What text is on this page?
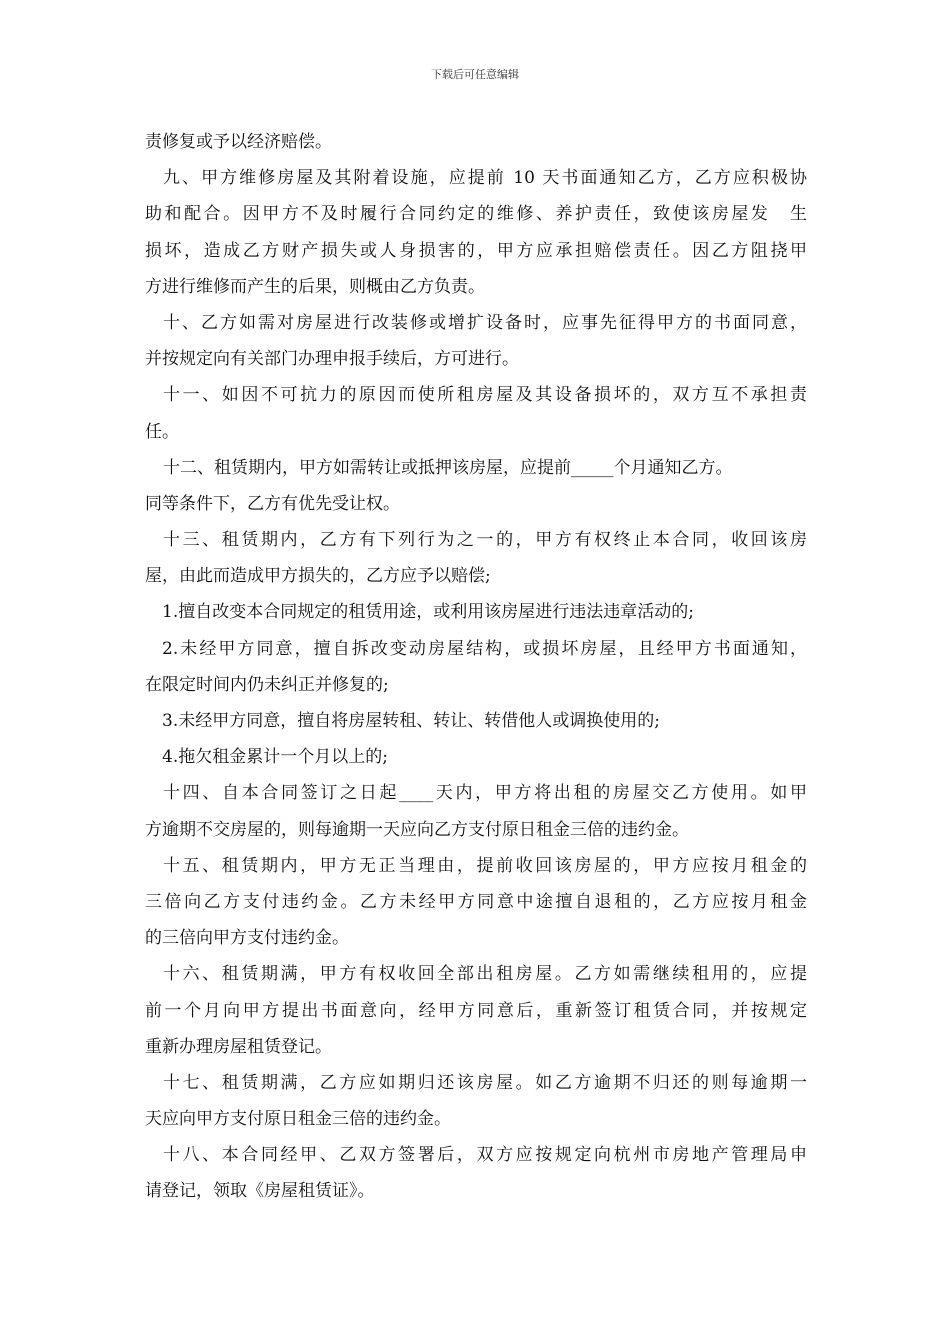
下载后可任意编辑
责修复或予以经济赔偿。
九、甲方维修房屋及其附着设施，应提前 10 天书面通知乙方，乙方应积极协
助和配合。因甲方不及时履行合同约定的维修、养护责任，致使该房屋发　生
损坏，造成乙方财产损失或人身损害的，甲方应承担赔偿责任。因乙方阻挠甲
方进行维修而产生的后果，则概由乙方负责。
十、乙方如需对房屋进行改装修或增扩设备时，应事先征得甲方的书面同意，
并按规定向有关部门办理申报手续后，方可进行。
十一、如因不可抗力的原因而使所租房屋及其设备损坏的，双方互不承担责
任。
十二、租赁期内，甲方如需转让或抵押该房屋，应提前_____个月通知乙方。
同等条件下，乙方有优先受让权。
十三、租赁期内，乙方有下列行为之一的，甲方有权终止本合同，收回该房
屋，由此而造成甲方损失的，乙方应予以赔偿;
1.擅自改变本合同规定的租赁用途，或利用该房屋进行违法违章活动的;
2.未经甲方同意，擅自拆改变动房屋结构，或损坏房屋，且经甲方书面通知，
在限定时间内仍未纠正并修复的;
3.未经甲方同意，擅自将房屋转租、转让、转借他人或调换使用的;
4.拖欠租金累计一个月以上的;
十四、自本合同签订之日起____天内，甲方将出租的房屋交乙方使用。如甲
方逾期不交房屋的，则每逾期一天应向乙方支付原日租金三倍的违约金。
十五、租赁期内，甲方无正当理由，提前收回该房屋的，甲方应按月租金的
三倍向乙方支付违约金。乙方未经甲方同意中途擅自退租的，乙方应按月租金
的三倍向甲方支付违约金。
十六、租赁期满，甲方有权收回全部出租房屋。乙方如需继续租用的，应提
前一个月向甲方提出书面意向，经甲方同意后，重新签订租赁合同，并按规定
重新办理房屋租赁登记。
十七、租赁期满，乙方应如期归还该房屋。如乙方逾期不归还的则每逾期一
天应向甲方支付原日租金三倍的违约金。
十八、本合同经甲、乙双方签署后，双方应按规定向杭州市房地产管理局申
请登记，领取《房屋租赁证》。
